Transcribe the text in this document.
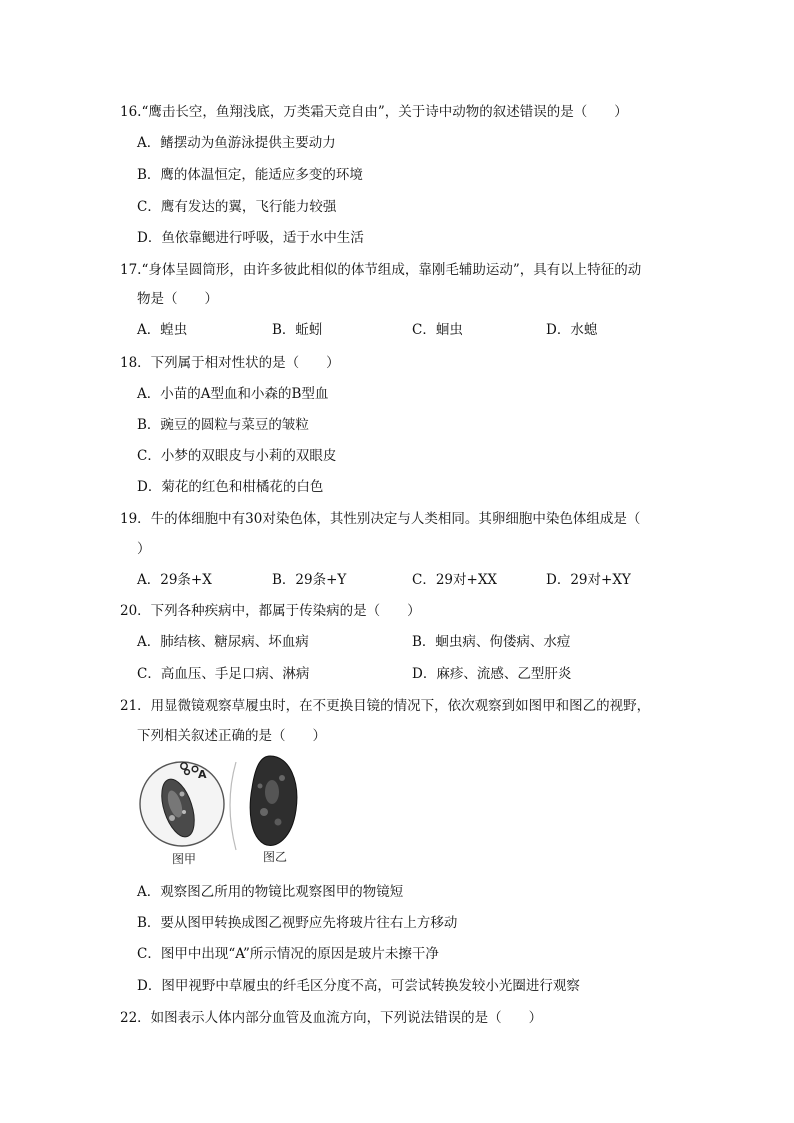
16.“鹰击长空，鱼翔浅底，万类霜天竞自由”，关于诗中动物的叙述错误的是（　　）
A．鳍摆动为鱼游泳提供主要动力
B．鹰的体温恒定，能适应多变的环境
C．鹰有发达的翼，飞行能力较强
D．鱼依靠鳃进行呼吸，适于水中生活
17.“身体呈圆筒形，由许多彼此相似的体节组成，靠刚毛辅助运动”，具有以上特征的动
物是（　　）
A．蝗虫	B．蚯蚓	C．蛔虫	D．水螅
18．下列属于相对性状的是（　　）
A．小苗的A型血和小森的B型血
B．豌豆的圆粒与菜豆的皱粒
C．小梦的双眼皮与小莉的双眼皮
D．菊花的红色和柑橘花的白色
19．牛的体细胞中有30对染色体，其性别决定与人类相同。其卵细胞中染色体组成是（
）
A．29条+X	B．29条+Y	C．29对+XX	D．29对+XY
20．下列各种疾病中，都属于传染病的是（　　）
A．肺结核、糖尿病、坏血病	B．蛔虫病、佝偻病、水痘
C．高血压、手足口病、淋病	D．麻疹、流感、乙型肝炎
21．用显微镜观察草履虫时，在不更换目镜的情况下，依次观察到如图甲和图乙的视野，
下列相关叙述正确的是（　　）
A
图甲	图乙
A．观察图乙所用的物镜比观察图甲的物镜短
B．要从图甲转换成图乙视野应先将玻片往右上方移动
C．图甲中出现“A”所示情况的原因是玻片未擦干净
D．图甲视野中草履虫的纤毛区分度不高，可尝试转换发较小光圈进行观察
22．如图表示人体内部分血管及血流方向，下列说法错误的是（　　）
